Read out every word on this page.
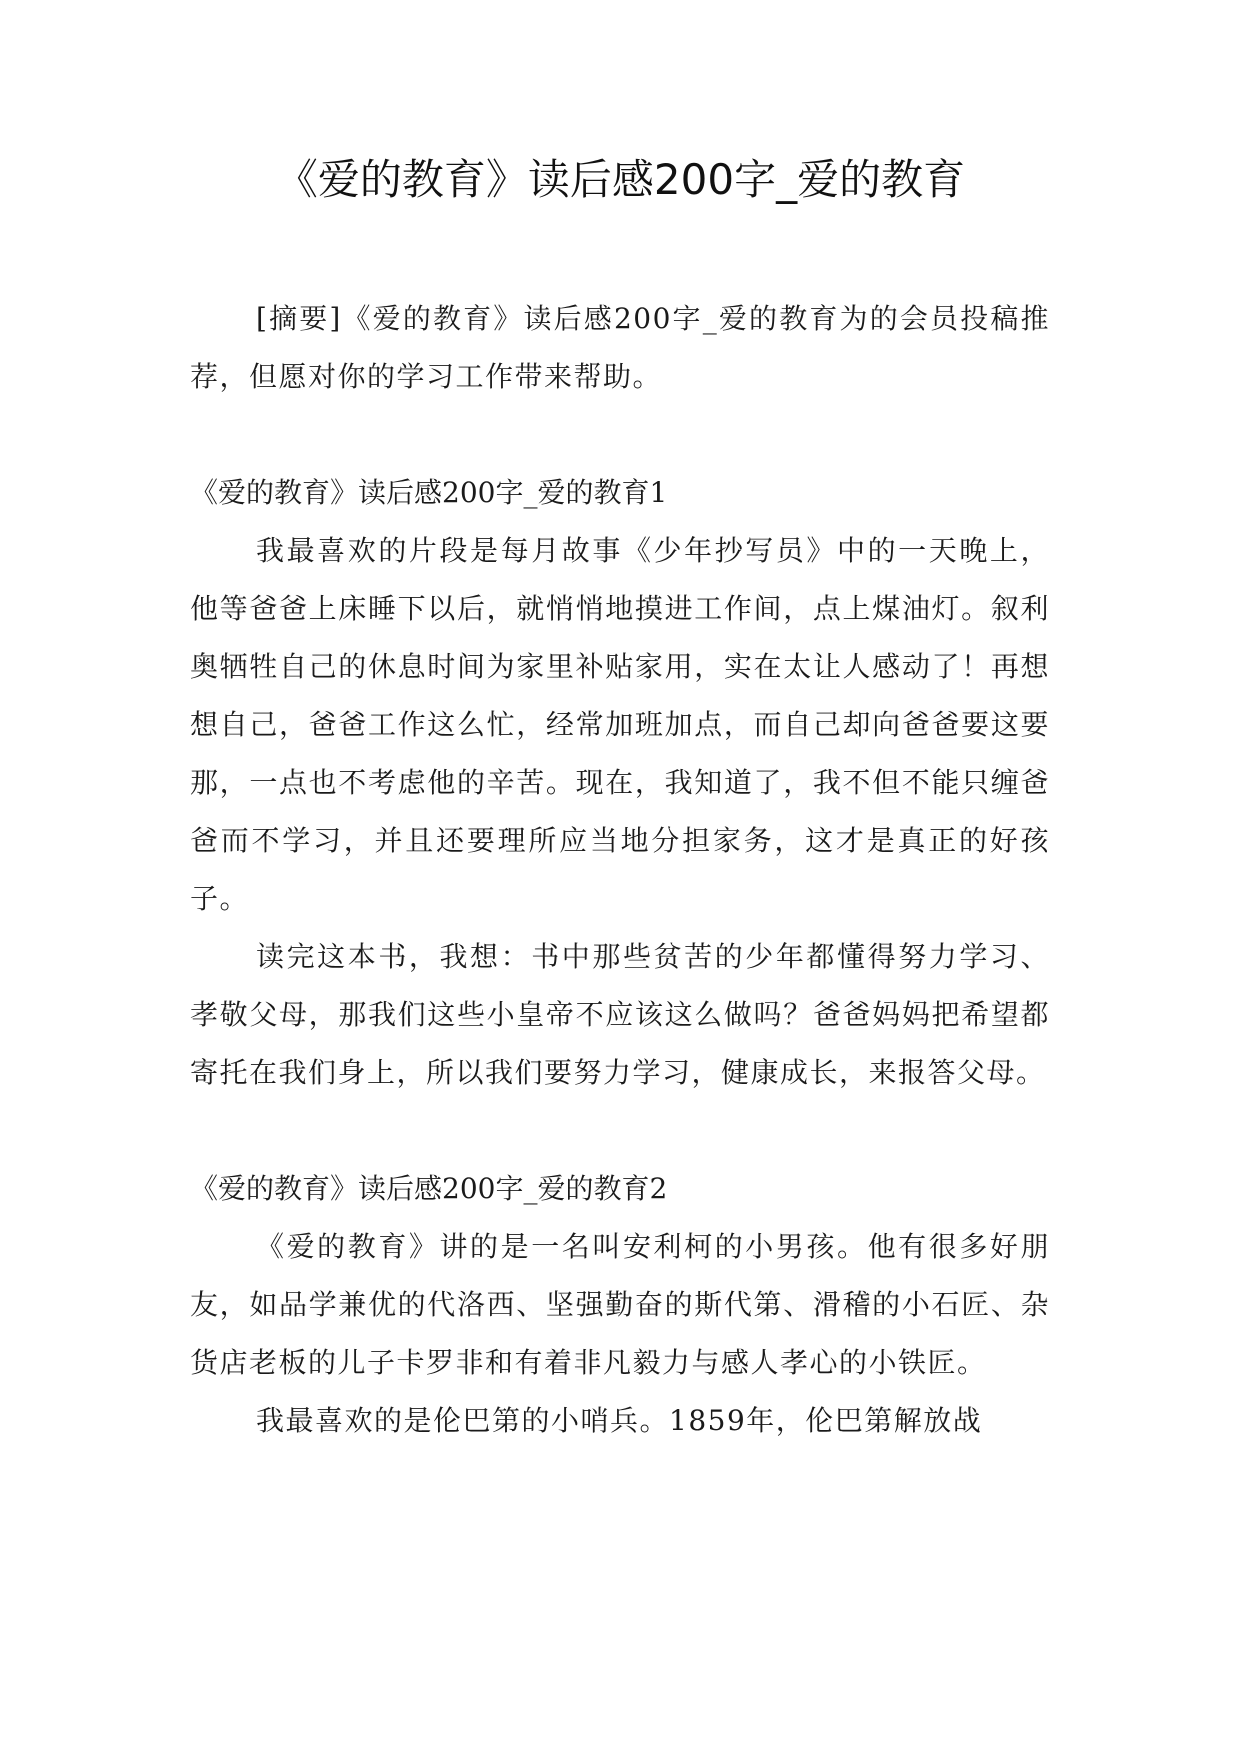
《爱的教育》读后感200字_爱的教育

[摘要]《爱的教育》读后感200字_爱的教育为的会员投稿推荐，但愿对你的学习工作带来帮助。

《爱的教育》读后感200字_爱的教育1

我最喜欢的片段是每月故事《少年抄写员》中的一天晚上，他等爸爸上床睡下以后，就悄悄地摸进工作间，点上煤油灯。叙利奥牺牲自己的休息时间为家里补贴家用，实在太让人感动了！再想想自己，爸爸工作这么忙，经常加班加点，而自己却向爸爸要这要那，一点也不考虑他的辛苦。现在，我知道了，我不但不能只缠爸爸而不学习，并且还要理所应当地分担家务，这才是真正的好孩子。

读完这本书，我想：书中那些贫苦的少年都懂得努力学习、孝敬父母，那我们这些小皇帝不应该这么做吗？爸爸妈妈把希望都寄托在我们身上，所以我们要努力学习，健康成长，来报答父母。

《爱的教育》读后感200字_爱的教育2

《爱的教育》讲的是一名叫安利柯的小男孩。他有很多好朋友，如品学兼优的代洛西、坚强勤奋的斯代第、滑稽的小石匠、杂货店老板的儿子卡罗非和有着非凡毅力与感人孝心的小铁匠。

我最喜欢的是伦巴第的小哨兵。1859年，伦巴第解放战
